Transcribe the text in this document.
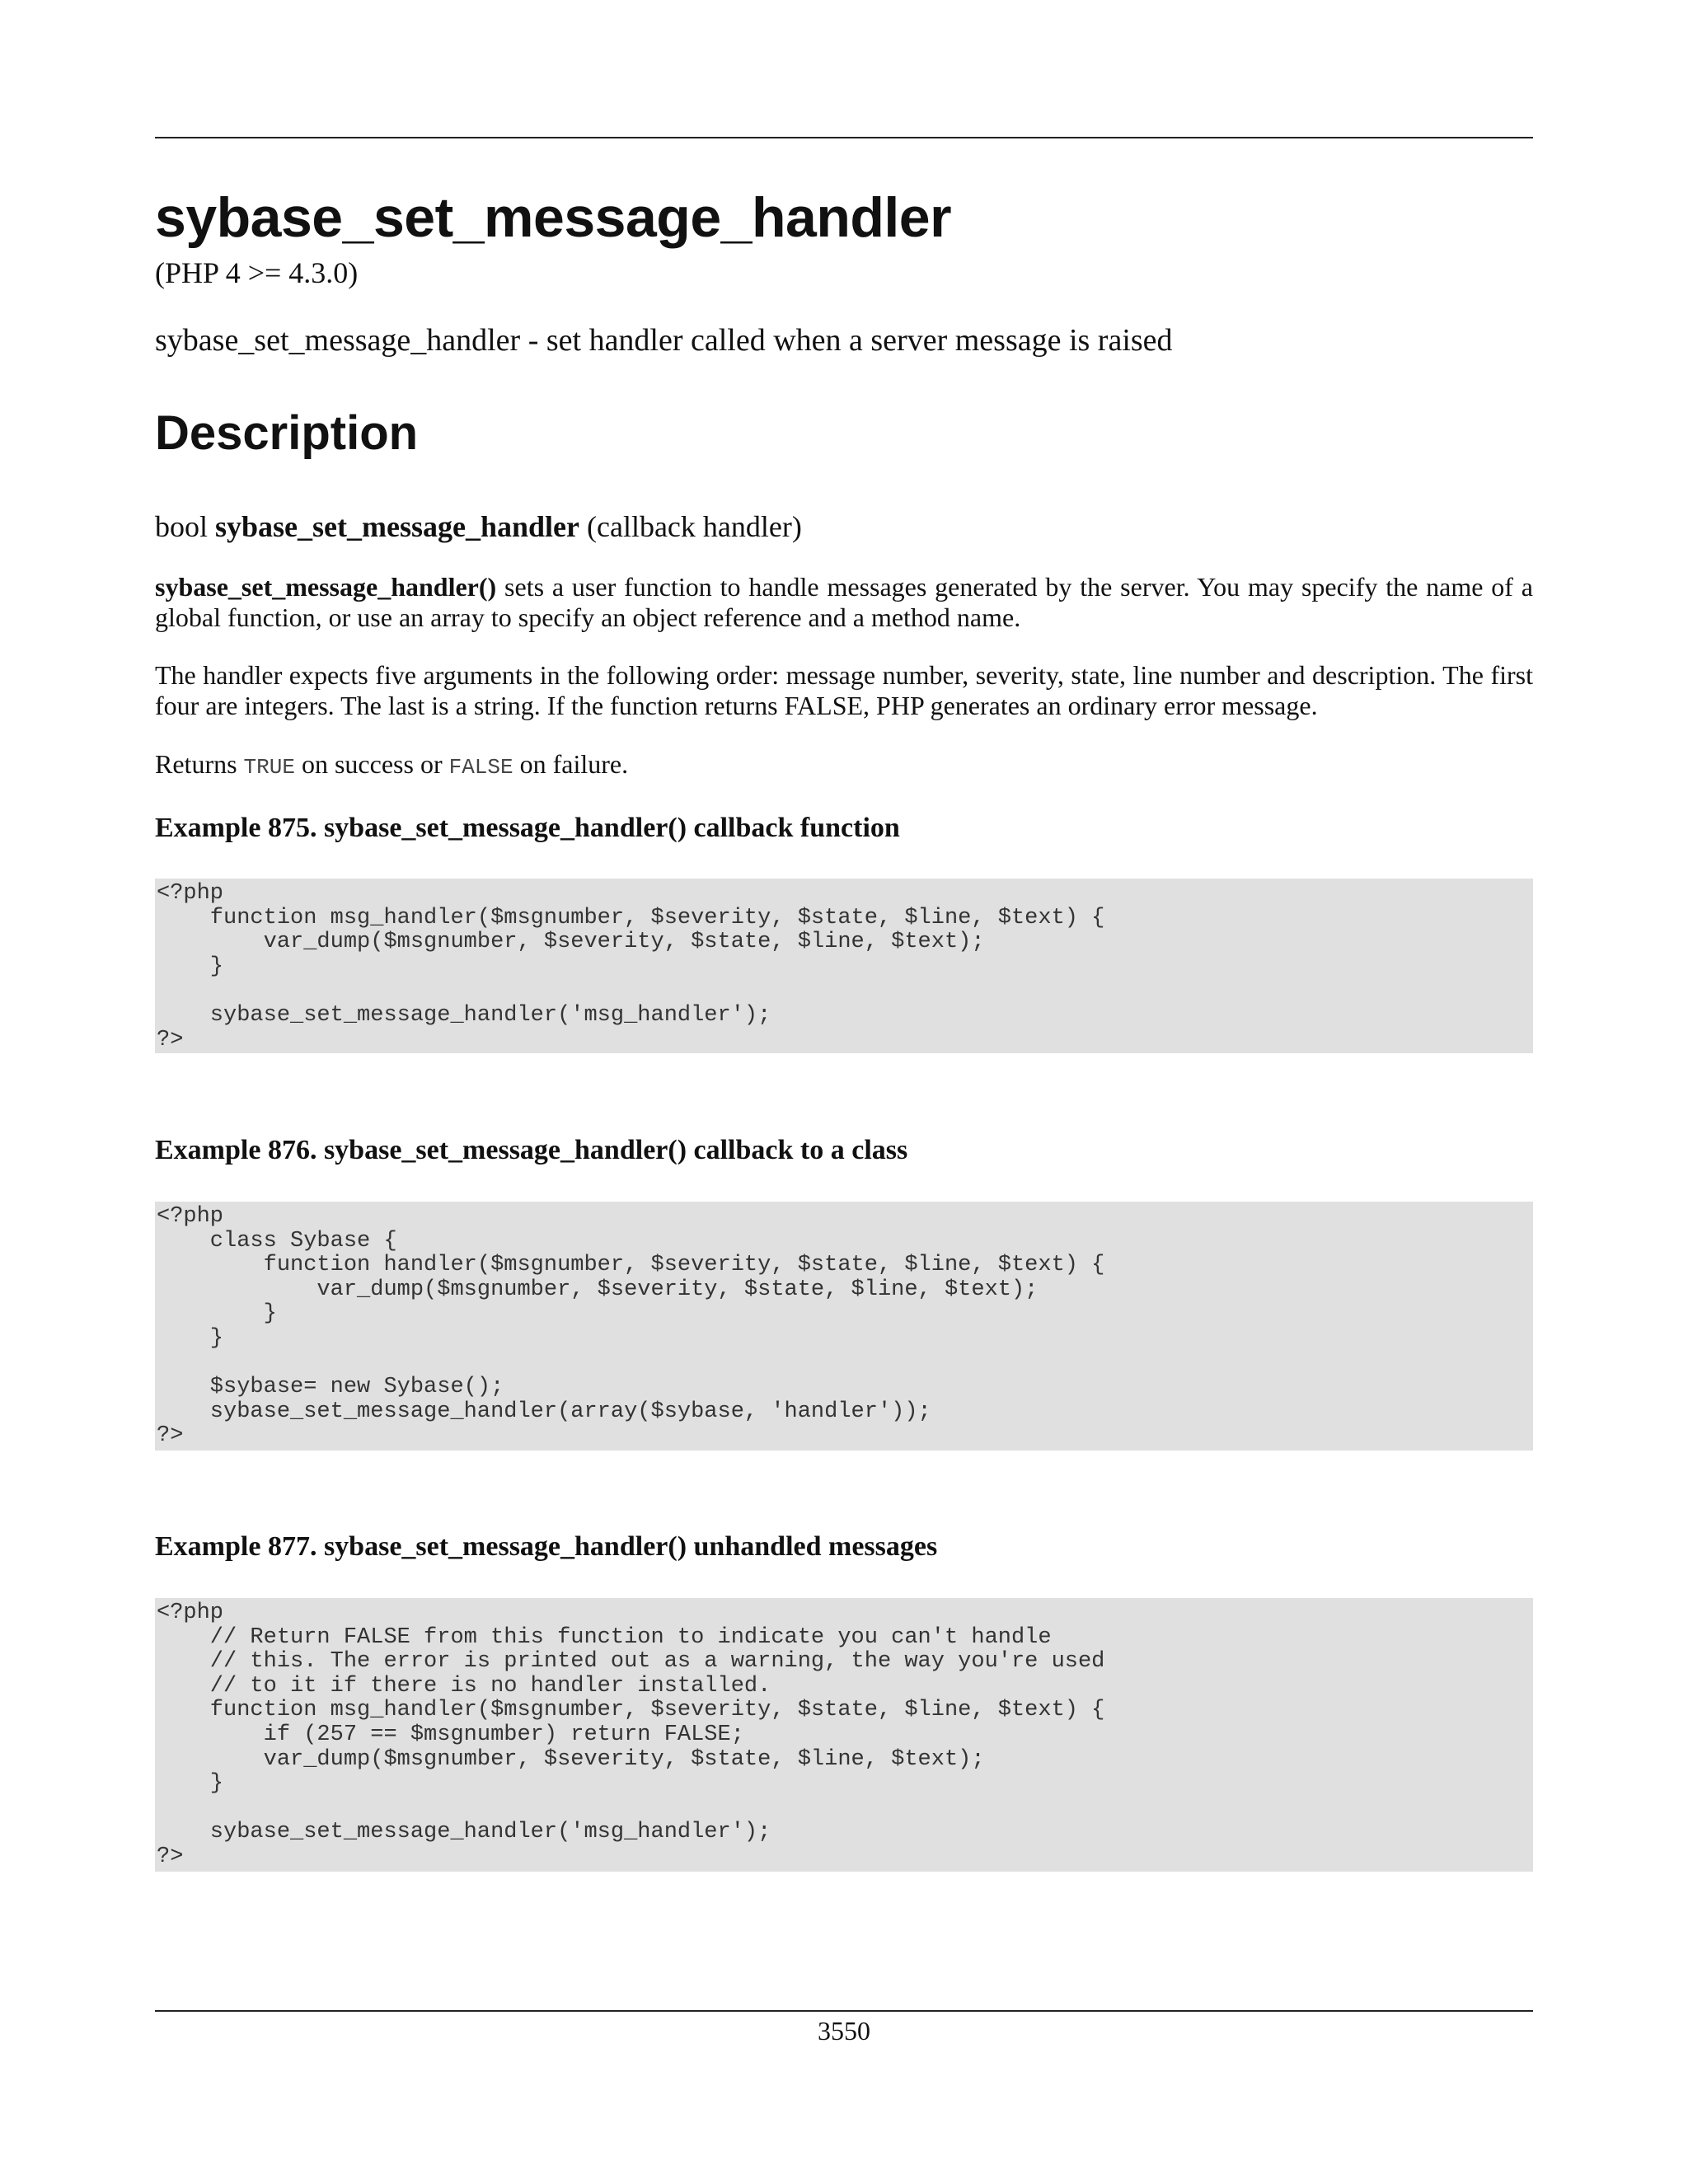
sybase_set_message_handler
(PHP 4 >= 4.3.0)
sybase_set_message_handler - set handler called when a server message is raised
Description
bool sybase_set_message_handler (callback handler)
sybase_set_message_handler() sets a user function to handle messages generated by the server. You may specify the name of a global function, or use an array to specify an object reference and a method name.
The handler expects five arguments in the following order: message number, severity, state, line number and description. The first four are integers. The last is a string. If the function returns FALSE, PHP generates an ordinary error message.
Returns TRUE on success or FALSE on failure.
Example 875. sybase_set_message_handler() callback function
<?php
function msg_handler($msgnumber, $severity, $state, $line, $text) {
var_dump($msgnumber, $severity, $state, $line, $text);
}

sybase_set_message_handler('msg_handler');
?>
Example 876. sybase_set_message_handler() callback to a class
<?php
class Sybase {
function handler($msgnumber, $severity, $state, $line, $text) {
var_dump($msgnumber, $severity, $state, $line, $text);
}
}

$sybase= new Sybase();
sybase_set_message_handler(array($sybase, 'handler'));
?>
Example 877. sybase_set_message_handler() unhandled messages
<?php
// Return FALSE from this function to indicate you can't handle
// this. The error is printed out as a warning, the way you're used
// to it if there is no handler installed.
function msg_handler($msgnumber, $severity, $state, $line, $text) {
if (257 == $msgnumber) return FALSE;
var_dump($msgnumber, $severity, $state, $line, $text);
}

sybase_set_message_handler('msg_handler');
?>
3550
